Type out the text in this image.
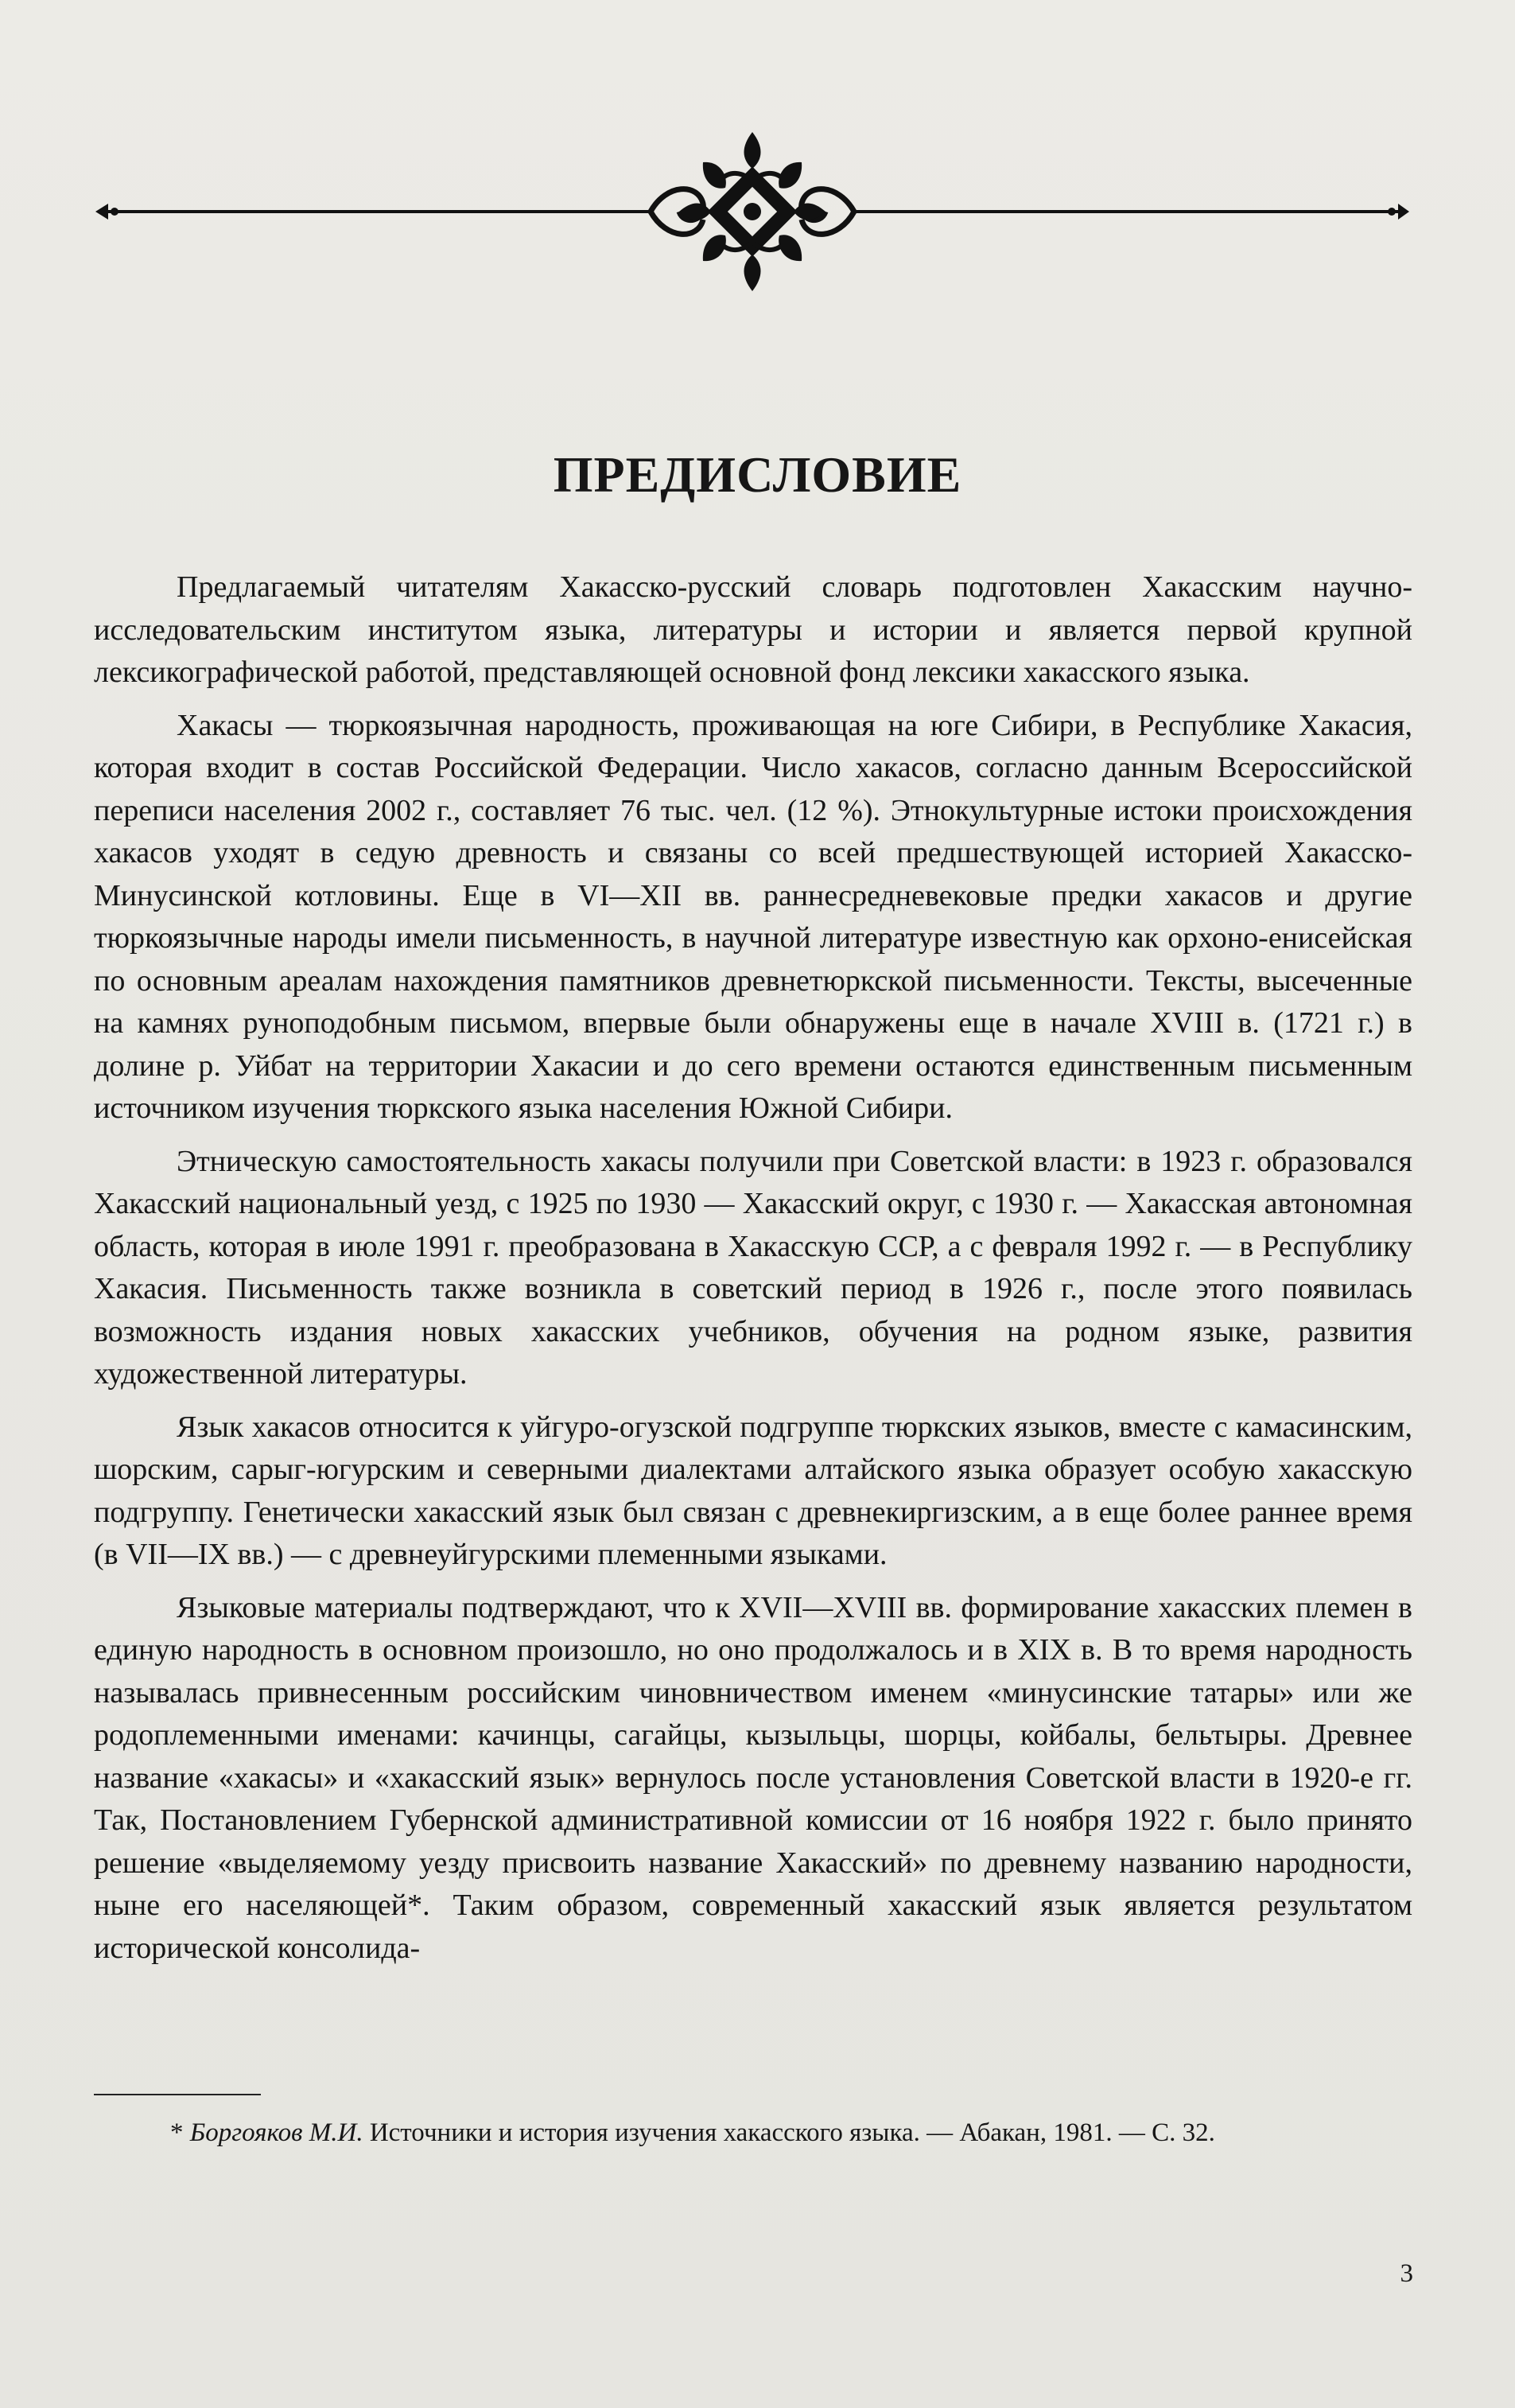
ПРЕДИСЛОВИЕ

Предлагаемый читателям Хакасско-русский словарь подготовлен Хакасским научно-исследовательским институтом языка, литературы и истории и является первой крупной лексикографической работой, представляющей основной фонд лексики хакасского языка.

Хакасы — тюркоязычная народность, проживающая на юге Сибири, в Республике Хакасия, которая входит в состав Российской Федерации. Число хакасов, согласно данным Всероссийской переписи населения 2002 г., составляет 76 тыс. чел. (12 %). Этнокультурные истоки происхождения хакасов уходят в седую древность и связаны со всей предшествующей историей Хакасско-Минусинской котловины. Еще в VI—XII вв. раннесредневековые предки хакасов и другие тюркоязычные народы имели письменность, в научной литературе известную как орхоно-енисейская по основным ареалам нахождения памятников древнетюркской письменности. Тексты, высеченные на камнях руноподобным письмом, впервые были обнаружены еще в начале XVIII в. (1721 г.) в долине р. Уйбат на территории Хакасии и до сего времени остаются единственным письменным источником изучения тюркского языка населения Южной Сибири.

Этническую самостоятельность хакасы получили при Советской власти: в 1923 г. образовался Хакасский национальный уезд, с 1925 по 1930 — Хакасский округ, с 1930 г. — Хакасская автономная область, которая в июле 1991 г. преобразована в Хакасскую ССР, а с февраля 1992 г. — в Республику Хакасия. Письменность также возникла в советский период в 1926 г., после этого появилась возможность издания новых хакасских учебников, обучения на родном языке, развития художественной литературы.

Язык хакасов относится к уйгуро-огузской подгруппе тюркских языков, вместе с камасинским, шорским, сарыг-югурским и северными диалектами алтайского языка образует особую хакасскую подгруппу. Генетически хакасский язык был связан с древнекиргизским, а в еще более раннее время (в VII—IX вв.) — с древнеуйгурскими племенными языками.

Языковые материалы подтверждают, что к XVII—XVIII вв. формирование хакасских племен в единую народность в основном произошло, но оно продолжалось и в XIX в. В то время народность называлась привнесенным российским чиновничеством именем «минусинские татары» или же родоплеменными именами: качинцы, сагайцы, кызыльцы, шорцы, койбалы, бельтыры. Древнее название «хакасы» и «хакасский язык» вернулось после установления Советской власти в 1920-е гг. Так, Постановлением Губернской административной комиссии от 16 ноября 1922 г. было принято решение «выделяемому уезду присвоить название Хакасский» по древнему названию народности, ныне его населяющей*. Таким образом, современный хакасский язык является результатом исторической консолида-

* Боргояков М.И. Источники и история изучения хакасского языка. — Абакан, 1981. — С. 32.
3
